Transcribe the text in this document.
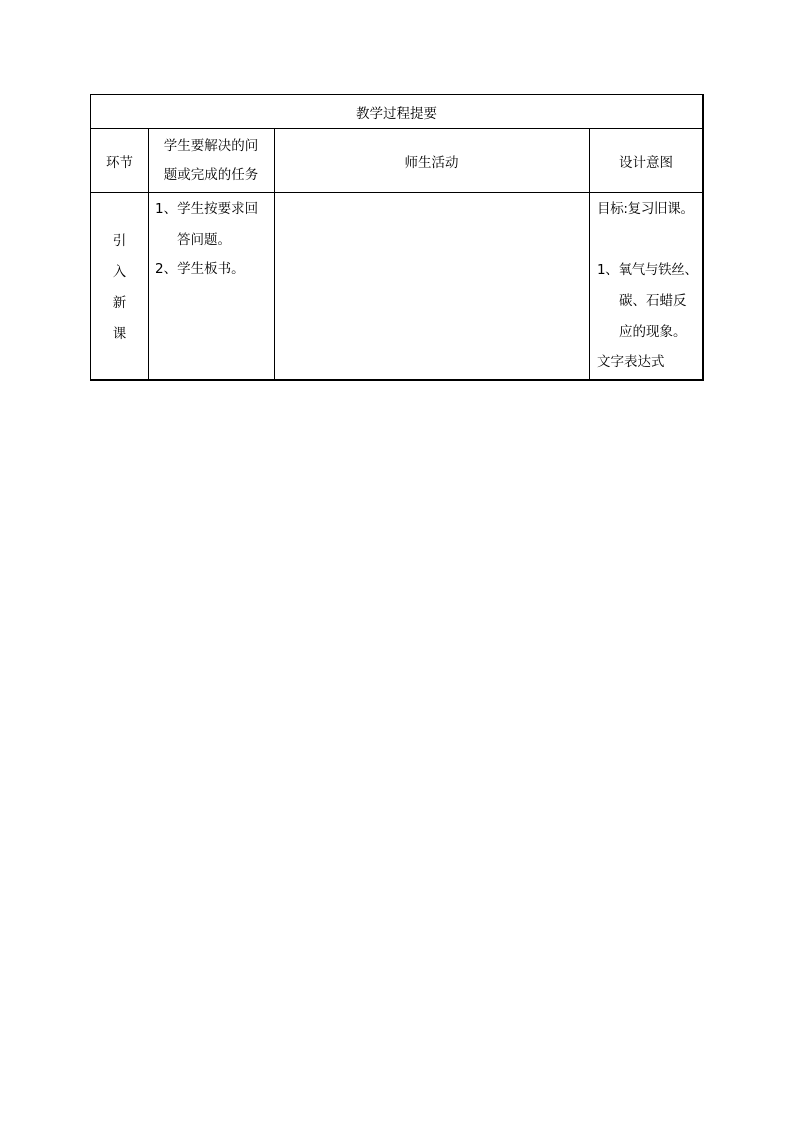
教学过程提要
环节
学生要解决的问
题或完成的任务
师生活动	设计意图
引
入
新
课
1、学生按要求回
答问题。
2、学生板书。
目标:复习旧课。
1、氧气与铁丝、
碳、石蜡反
应的现象。
文字表达式
